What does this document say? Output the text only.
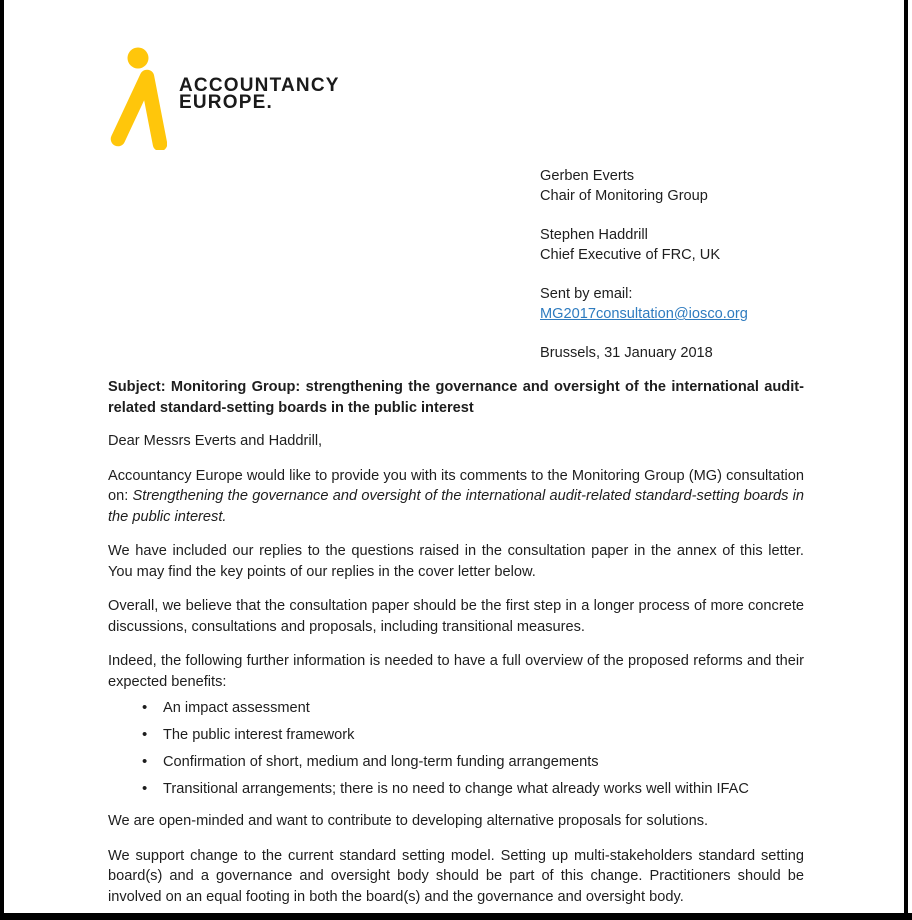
ACCOUNTANCY
EUROPE.
Gerben Everts
Chair of Monitoring Group
Stephen Haddrill
Chief Executive of FRC, UK
Sent by email:
MG2017consultation@iosco.org
Brussels, 31 January 2018

Subject: Monitoring Group: strengthening the governance and oversight of the international audit-related standard-setting boards in the public interest

Dear Messrs Everts and Haddrill,

Accountancy Europe would like to provide you with its comments to the Monitoring Group (MG) consultation on: Strengthening the governance and oversight of the international audit-related standard-setting boards in the public interest.

We have included our replies to the questions raised in the consultation paper in the annex of this letter. You may find the key points of our replies in the cover letter below.

Overall, we believe that the consultation paper should be the first step in a longer process of more concrete discussions, consultations and proposals, including transitional measures.

Indeed, the following further information is needed to have a full overview of the proposed reforms and their expected benefits:

• An impact assessment
• The public interest framework
• Confirmation of short, medium and long-term funding arrangements
• Transitional arrangements; there is no need to change what already works well within IFAC

We are open-minded and want to contribute to developing alternative proposals for solutions.

We support change to the current standard setting model. Setting up multi-stakeholders standard setting board(s) and a governance and oversight body should be part of this change. Practitioners should be involved on an equal footing in both the board(s) and the governance and oversight body.
